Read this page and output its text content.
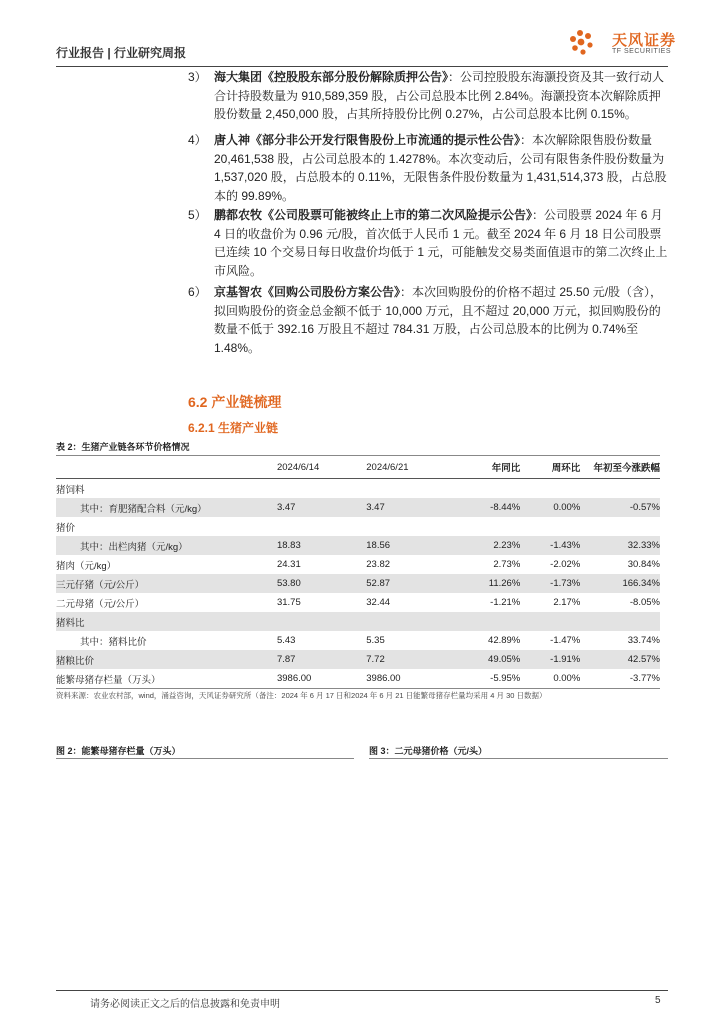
行业报告 | 行业研究周报
天风证券
TF SECURITIES
3） 海大集团《控股股东部分股份解除质押公告》：公司控股股东海灏投资及其一致行动人合计持股数量为 910,589,359 股，占公司总股本比例 2.84%。海灏投资本次解除质押股份数量 2,450,000 股，占其所持股份比例 0.27%，占公司总股本比例 0.15%。
4） 唐人神《部分非公开发行限售股份上市流通的提示性公告》：本次解除限售股份数量 20,461,538 股，占公司总股本的 1.4278%。本次变动后，公司有限售条件股份数量为 1,537,020 股，占总股本的 0.11%，无限售条件股份数量为 1,431,514,373 股，占总股本的 99.89%。
5） 鹏都农牧《公司股票可能被终止上市的第二次风险提示公告》：公司股票 2024 年 6 月 4 日的收盘价为 0.96 元/股，首次低于人民币 1 元。截至 2024 年 6 月 18 日公司股票已连续 10 个交易日每日收盘价均低于 1 元，可能触发交易类面值退市的第二次终止上市风险。
6） 京基智农《回购公司股份方案公告》：本次回购股份的价格不超过 25.50 元/股（含），拟回购股份的资金总金额不低于 10,000 万元，且不超过 20,000 万元，拟回购股份的数量不低于 392.16 万股且不超过 784.31 万股，占公司总股本的比例为 0.74%至 1.48%。
6.2 产业链梳理
6.2.1 生猪产业链
表 2：生猪产业链各环节价格情况
	2024/6/14	2024/6/21	年同比	周环比	年初至今涨跌幅
猪饲料					
其中：育肥猪配合料（元/kg）	3.47	3.47	-8.44%	0.00%	-0.57%
猪价					
其中：出栏肉猪（元/kg）	18.83	18.56	2.23%	-1.43%	32.33%
猪肉（元/kg）	24.31	23.82	2.73%	-2.02%	30.84%
三元仔猪（元/公斤）	53.80	52.87	11.26%	-1.73%	166.34%
二元母猪（元/公斤）	31.75	32.44	-1.21%	2.17%	-8.05%
猪料比					
其中：猪料比价	5.43	5.35	42.89%	-1.47%	33.74%
猪粮比价	7.87	7.72	49.05%	-1.91%	42.57%
能繁母猪存栏量（万头）	3986.00	3986.00	-5.95%	0.00%	-3.77%
资料来源：农业农村部，wind，涌益咨询，天风证券研究所（备注：2024 年 6 月 17 日和2024 年 6 月 21 日能繁母猪存栏量均采用 4 月 30 日数据）
图 2：能繁母猪存栏量（万头）	图 3：二元母猪价格（元/头）
请务必阅读正文之后的信息披露和免责申明	5
